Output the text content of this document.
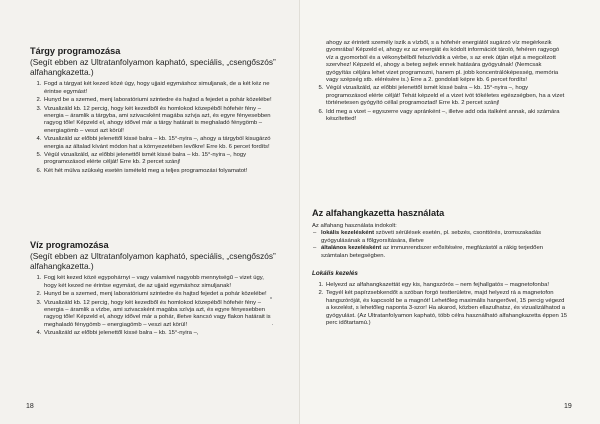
Tárgy programozása

(Segít ebben az Ultratanfolyamon kapható, speciális, „csengőszós” alfahangkazetta.)

1. Fogd a tárgyat két kezed közé úgy, hogy ujjaid egymáshoz simuljanak, de a két kéz ne érintse egymást!
2. Hunyd be a szemed, menj laboratóriumi szintedre és hajtsd a fejedet a pohár közelébe!
3. Vizualizáld kb. 12 percig, hogy két kezedből és homlokod közepéből hófehér fény – energia – áramlik a tárgyba, ami szivacsként magába szívja azt, és egyre fényesebben ragyog tőle! Képzeld el, ahogy idővel már a tárgy határait is meghaladó fénygömb – energiagömb – veszi azt körül!
4. Vizualizáld az előbbi jelenettől kissé balra – kb. 15°-nyira –, ahogy a tárgyból kisugárzó energia az általad kívánt módon hat a környezetében levőkre! Erre kb. 6 percet fordíts!
5. Végül vizualizáld, az előbbi jelenettől ismét kissé balra – kb. 15°-nyira –, hogy programozásod elérte célját! Erre kb. 2 percet szánj!
6. Két hét múlva szükség esetén ismételd meg a teljes programozási folyamatot!
Víz programozása

(Segít ebben az Ultratanfolyamon kapható, speciális, „csengőszós” alfahangkazetta.)

1. Fogj két kezed közé egypohárnyi – vagy valamivel nagyobb mennyiségű – vizet úgy, hogy két kezed ne érintse egymást, de az ujjaid egymáshoz simuljanak!
2. Hunyd be a szemed, menj laboratóriumi szintedre és hajtsd fejedet a pohár közelébe!
3. Vizualizáld kb. 12 percig, hogy két kezedből és homlokod közepéből hófehér fény – energia – áramlik a vízbe, ami szivacsként magába szívja azt, és egyre fényesebben ragyog tőle! Képzeld el, ahogy idővel már a pohár, illetve kancsó vagy flakon határait is meghaladó fénygömb – energiagömb – veszi azt körül!
4. Vizualizáld az előbbi jelenettől kissé balra – kb. 15°-nyira –,
18

ahogy az érintett személy iszik a vízből, s a hófehér energiától sugárzó víz megérkezik gyomrába! Képzeld el, ahogy ez az energiát és kódolt információt tároló, fehéren ragyogó víz a gyomorból és a vékonybélből felszívódik a vérbe, s az erek útján eljut a megcélzott szervhez! Képzeld el, ahogy a beteg sejtek ennek hatására gyógyulnak! (Nemcsak gyógyítás céljára lehet vizet programozni, hanem pl. jobb koncentrálóképesség, memória vagy szépség stb. elérésére is.) Erre a 2. gondolati képre kb. 6 percet fordíts!

5. Végül vizualizáld, az előbbi jelenettől ismét kissé balra – kb. 15°-nyira –, hogy programozásod elérte célját! Tehát képzeld el a vizet ivót tökéletes egészségben, ha a vizet történetesen gyógyító céllal programoztad! Erre kb. 2 percet szánj!
6. Idd meg a vizet – egyszerre vagy apránként –, illetve add oda italként annak, aki számára készítetted!
Az alfahangkazetta használata

Az alfahang használata indokolt:

– lokális kezelésként szöveti sérülések esetén, pl. sebzés, csonttörés, izomszakadás gyógyulásának a főlgyorsítására, illetve
– általános kezelésként az immunrendszer erősítésére, megfázástól a rákig terjedően számtalan betegségben.

Lokális kezelés

1. Helyezd az alfahangkazettát egy kis, hangszórós – nem fejhallgatós – magnetofonba!
2. Tegyél két papírzsebkendőt a szóban forgó testterületre, majd helyezd rá a magnetofon hangszóróját, és kapcsold be a magnót! Lehetőleg maximális hangerővel, 15 percig végezd a kezelést, s lehetőleg naponta 3-szor! Ha akarod, közben ellazulhatsz, és vizualizálhatod a gyógyulást. (Az Ultratanfolyamon kapható, több célra használható alfahangkazetta éppen 15 perc időtartamú.)
19
